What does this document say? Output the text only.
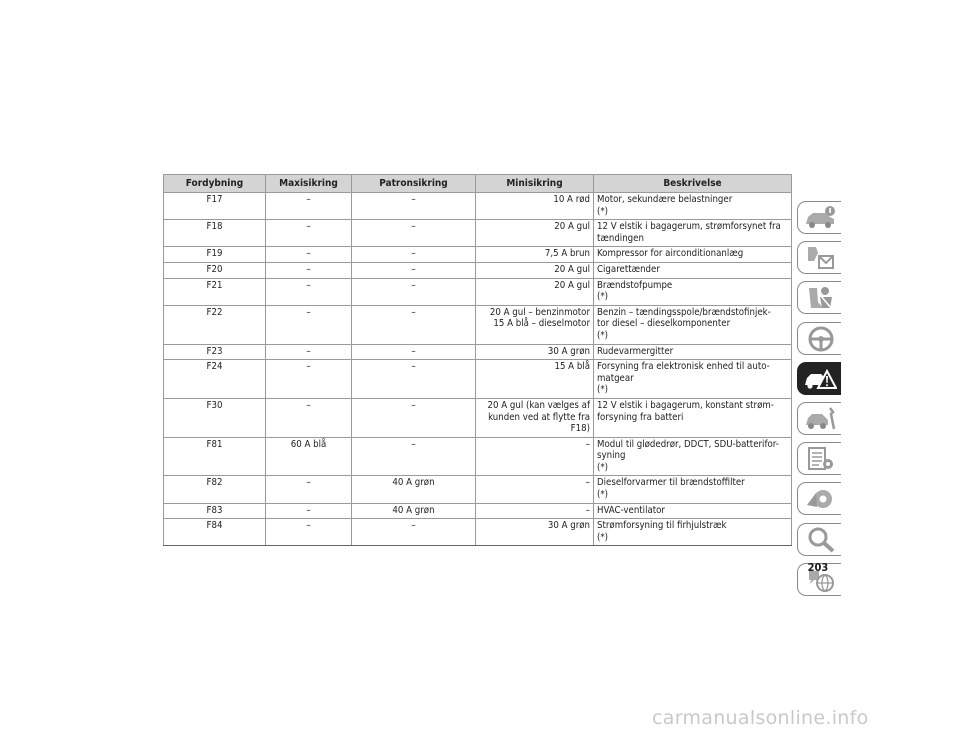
Fordybning	Maxisikring	Patronsikring	Minisikring	Beskrivelse
F17	–	–	10 A rød	Motor, sekundære belastninger
(*)

F18	–	–	20 A gul	12 V elstik i bagagerum, strømforsynet fra
tændingen

F19	–	–	7,5 A brun	Kompressor for airconditionanlæg

F20	–	–	20 A gul	Cigarettænder

F21	–	–	20 A gul	Brændstofpumpe
(*)

F22	–	–	20 A gul – benzinmotor
15 A blå – dieselmotor	Benzin – tændingsspole/brændstofinjek-
tor diesel – dieselkomponenter
(*)

F23	–	–	30 A grøn	Rudevarmergitter

F24	–	–	15 A blå	Forsyning fra elektronisk enhed til auto-
matgear
(*)

F30	–	–	20 A gul (kan vælges af
kunden ved at flytte fra
F18)	12 V elstik i bagagerum, konstant strøm-
forsyning fra batteri

F81	60 A blå	–	–	Modul til glødedrør, DDCT, SDU-batterifor-
syning
(*)

F82	–	40 A grøn	–	Dieselforvarmer til brændstoffilter
(*)

F83	–	40 A grøn	–	HVAC-ventilator

F84	–	–	30 A grøn	Strømforsyning til firhjulstræk
(*)
203
carmanualsonline.info
